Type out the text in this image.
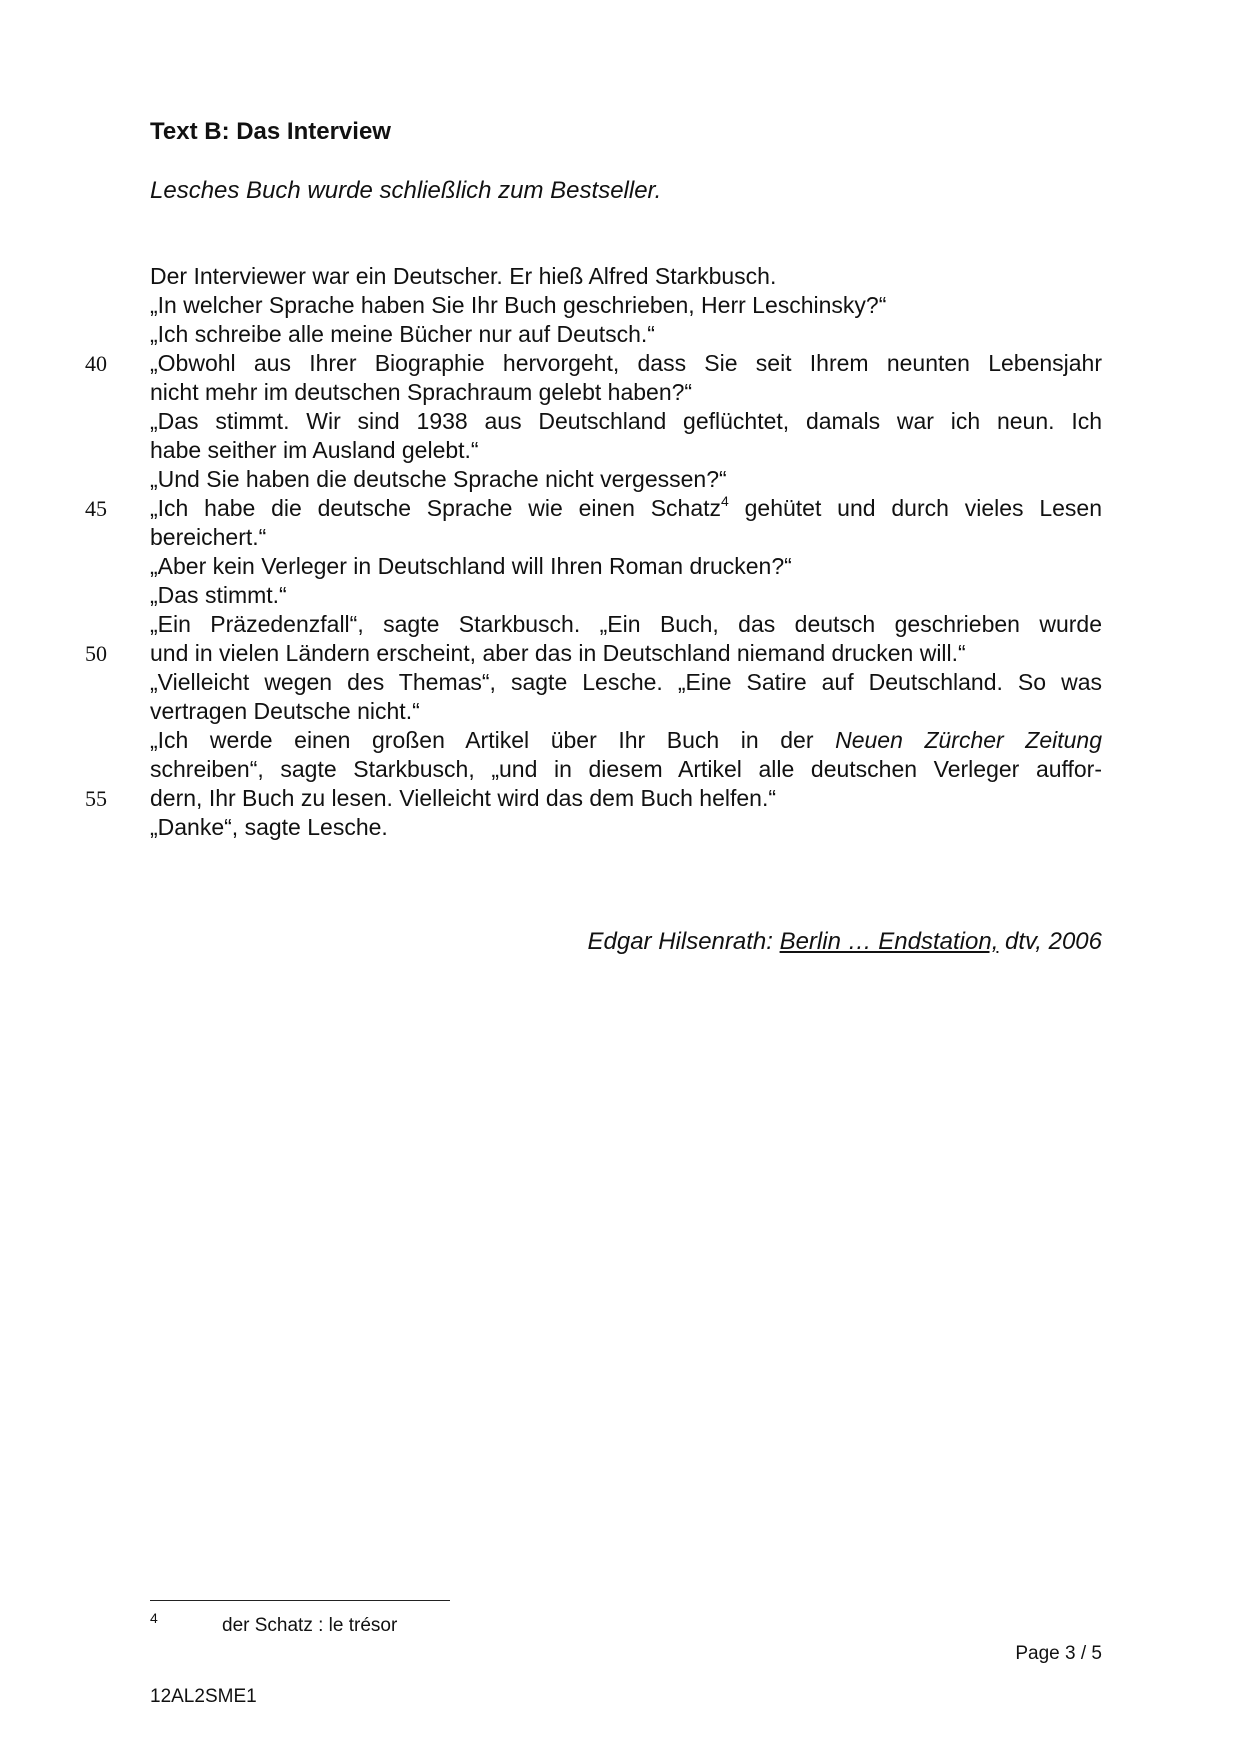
Text B: Das Interview

Lesches Buch wurde schließlich zum Bestseller.

Der Interviewer war ein Deutscher. Er hieß Alfred Starkbusch.
„In welcher Sprache haben Sie Ihr Buch geschrieben, Herr Leschinsky?“
„Ich schreibe alle meine Bücher nur auf Deutsch.“
40	„Obwohl aus Ihrer Biographie hervorgeht, dass Sie seit Ihrem neunten Lebensjahr
nicht mehr im deutschen Sprachraum gelebt haben?“
„Das stimmt. Wir sind 1938 aus Deutschland geflüchtet, damals war ich neun. Ich
habe seither im Ausland gelebt.“
„Und Sie haben die deutsche Sprache nicht vergessen?“
45	„Ich habe die deutsche Sprache wie einen Schatz$^4$ gehütet und durch vieles Lesen
bereichert.“
„Aber kein Verleger in Deutschland will Ihren Roman drucken?“
„Das stimmt.“
„Ein Präzedenzfall“, sagte Starkbusch. „Ein Buch, das deutsch geschrieben wurde
50	und in vielen Ländern erscheint, aber das in Deutschland niemand drucken will.“
„Vielleicht wegen des Themas“, sagte Lesche. „Eine Satire auf Deutschland. So was
vertragen Deutsche nicht.“
„Ich werde einen großen Artikel über Ihr Buch in der Neuen Zürcher Zeitung
schreiben“, sagte Starkbusch, „und in diesem Artikel alle deutschen Verleger auffor-
55	dern, Ihr Buch zu lesen. Vielleicht wird das dem Buch helfen.“
„Danke“, sagte Lesche.
Edgar Hilsenrath: Berlin … Endstation, dtv, 2006
4	der Schatz : le trésor
Page 3 / 5
12AL2SME1
